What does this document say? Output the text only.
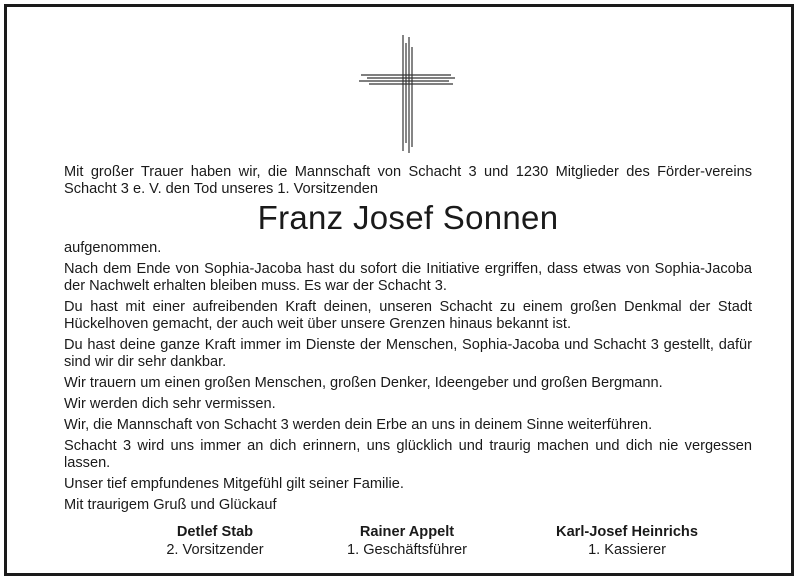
Mit großer Trauer haben wir, die Mannschaft von Schacht 3 und 1230 Mitglieder des Förder-vereins Schacht 3 e. V. den Tod unseres 1. Vorsitzenden

Franz Josef Sonnen

aufgenommen.

Nach dem Ende von Sophia-Jacoba hast du sofort die Initiative ergriffen, dass etwas von Sophia-Jacoba der Nachwelt erhalten bleiben muss. Es war der Schacht 3.

Du hast mit einer aufreibenden Kraft deinen, unseren Schacht zu einem großen Denkmal der Stadt Hückelhoven gemacht, der auch weit über unsere Grenzen hinaus bekannt ist.

Du hast deine ganze Kraft immer im Dienste der Menschen, Sophia-Jacoba und Schacht 3 gestellt, dafür sind wir dir sehr dankbar.

Wir trauern um einen großen Menschen, großen Denker, Ideengeber und großen Bergmann.

Wir werden dich sehr vermissen.

Wir, die Mannschaft von Schacht 3 werden dein Erbe an uns in deinem Sinne weiterführen.

Schacht 3 wird uns immer an dich erinnern, uns glücklich und traurig machen und dich nie vergessen lassen.

Unser tief empfundenes Mitgefühl gilt seiner Familie.

Mit traurigem Gruß und Glückauf

Detlef Stab
2. Vorsitzender
Rainer Appelt
1. Geschäftsführer
Karl-Josef Heinrichs
1. Kassierer
